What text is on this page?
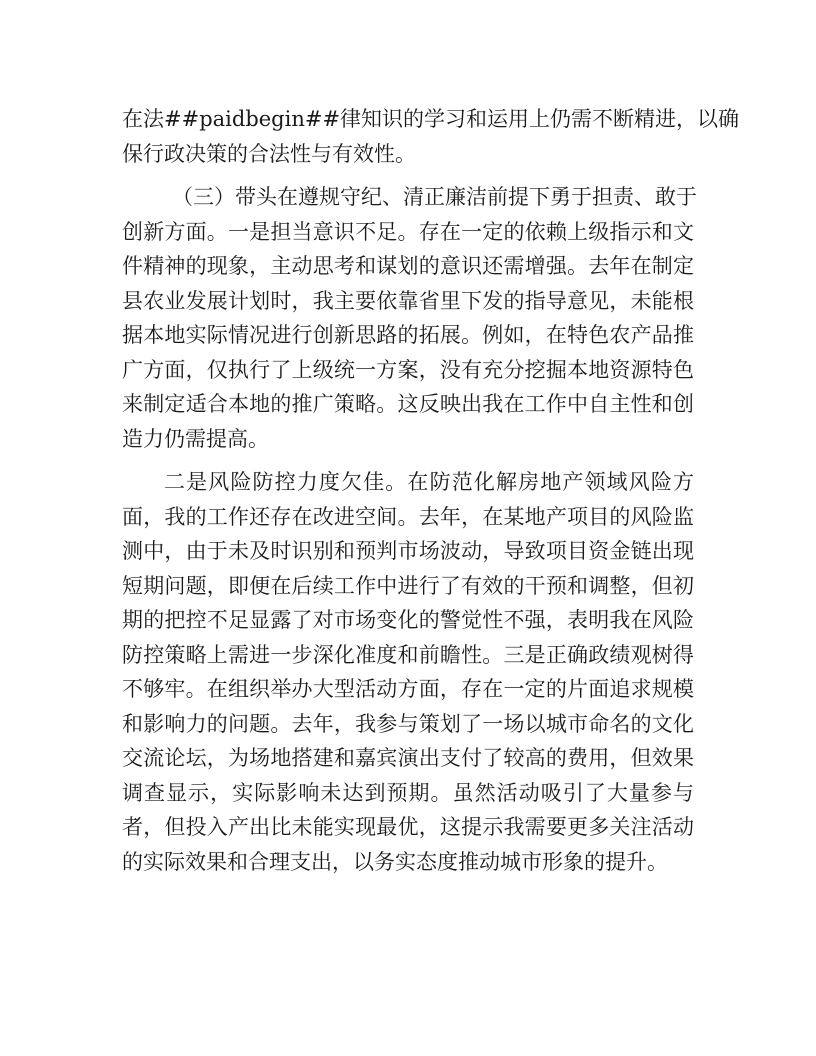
在法##paidbegin##律知识的学习和运用上仍需不断精进，以确
保行政决策的合法性与有效性。
（三）带头在遵规守纪、清正廉洁前提下勇于担责、敢于
创新方面。一是担当意识不足。存在一定的依赖上级指示和文
件精神的现象，主动思考和谋划的意识还需增强。去年在制定
县农业发展计划时，我主要依靠省里下发的指导意见，未能根
据本地实际情况进行创新思路的拓展。例如，在特色农产品推
广方面，仅执行了上级统一方案，没有充分挖掘本地资源特色
来制定适合本地的推广策略。这反映出我在工作中自主性和创
造力仍需提高。
二是风险防控力度欠佳。在防范化解房地产领域风险方
面，我的工作还存在改进空间。去年，在某地产项目的风险监
测中，由于未及时识别和预判市场波动，导致项目资金链出现
短期问题，即便在后续工作中进行了有效的干预和调整，但初
期的把控不足显露了对市场变化的警觉性不强，表明我在风险
防控策略上需进一步深化准度和前瞻性。三是正确政绩观树得
不够牢。在组织举办大型活动方面，存在一定的片面追求规模
和影响力的问题。去年，我参与策划了一场以城市命名的文化
交流论坛，为场地搭建和嘉宾演出支付了较高的费用，但效果
调查显示，实际影响未达到预期。虽然活动吸引了大量参与
者，但投入产出比未能实现最优，这提示我需要更多关注活动
的实际效果和合理支出，以务实态度推动城市形象的提升。
